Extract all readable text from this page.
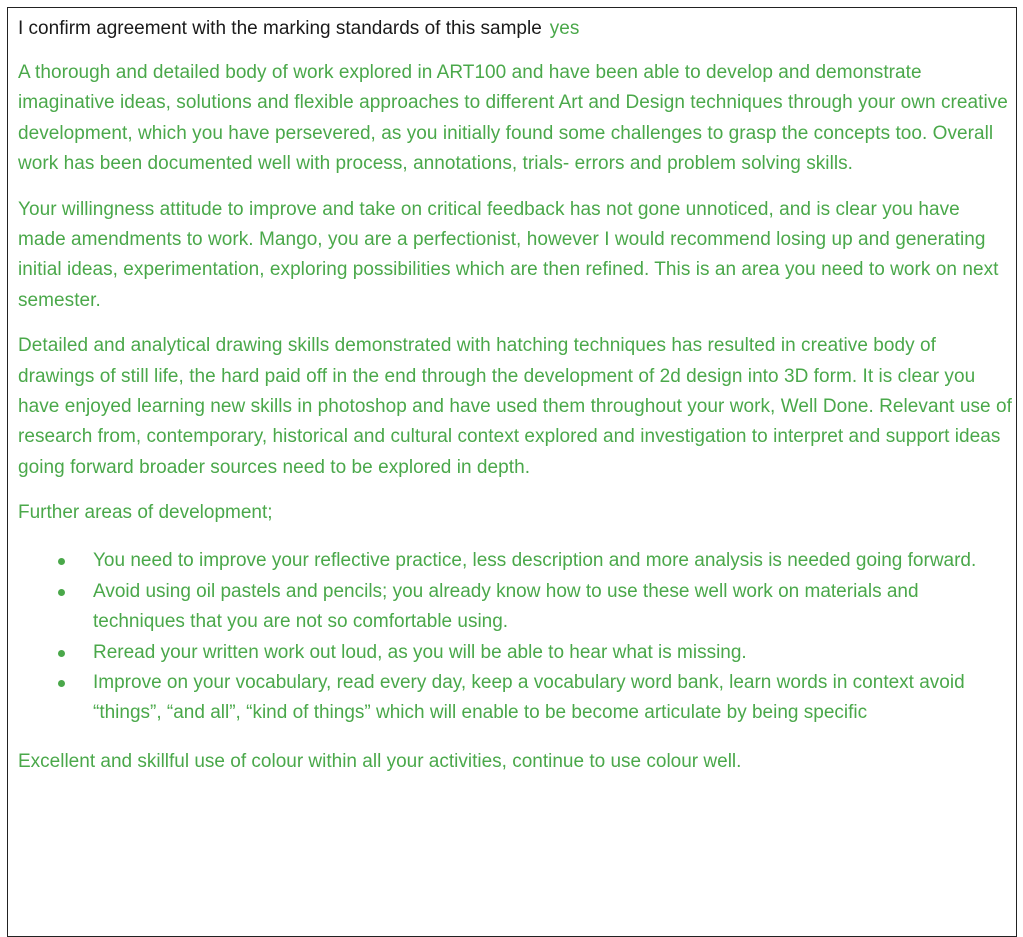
I confirm agreement with the marking standards of this sample yes

A thorough and detailed body of work explored in ART100 and have been able to develop and demonstrate imaginative ideas, solutions and flexible approaches to different Art and Design techniques through your own creative development, which you have persevered, as you initially found some challenges to grasp the concepts too. Overall work has been documented well with process, annotations, trials- errors and problem solving skills.

Your willingness attitude to improve and take on critical feedback has not gone unnoticed, and is clear you have made amendments to work. Mango, you are a perfectionist, however I would recommend losing up and generating initial ideas, experimentation, exploring possibilities which are then refined. This is an area you need to work on next semester.

Detailed and analytical drawing skills demonstrated with hatching techniques has resulted in creative body of drawings of still life, the hard paid off in the end through the development of 2d design into 3D form. It is clear you have enjoyed learning new skills in photoshop and have used them throughout your work, Well Done. Relevant use of research from, contemporary, historical and cultural context explored and investigation to interpret and support ideas going forward broader sources need to be explored in depth.

Further areas of development;

You need to improve your reflective practice, less description and more analysis is needed going forward.
Avoid using oil pastels and pencils; you already know how to use these well work on materials and techniques that you are not so comfortable using.
Reread your written work out loud, as you will be able to hear what is missing.
Improve on your vocabulary, read every day, keep a vocabulary word bank, learn words in context avoid “things”, “and all”, “kind of things” which will enable to be become articulate by being specific

Excellent and skillful use of colour within all your activities, continue to use colour well.
